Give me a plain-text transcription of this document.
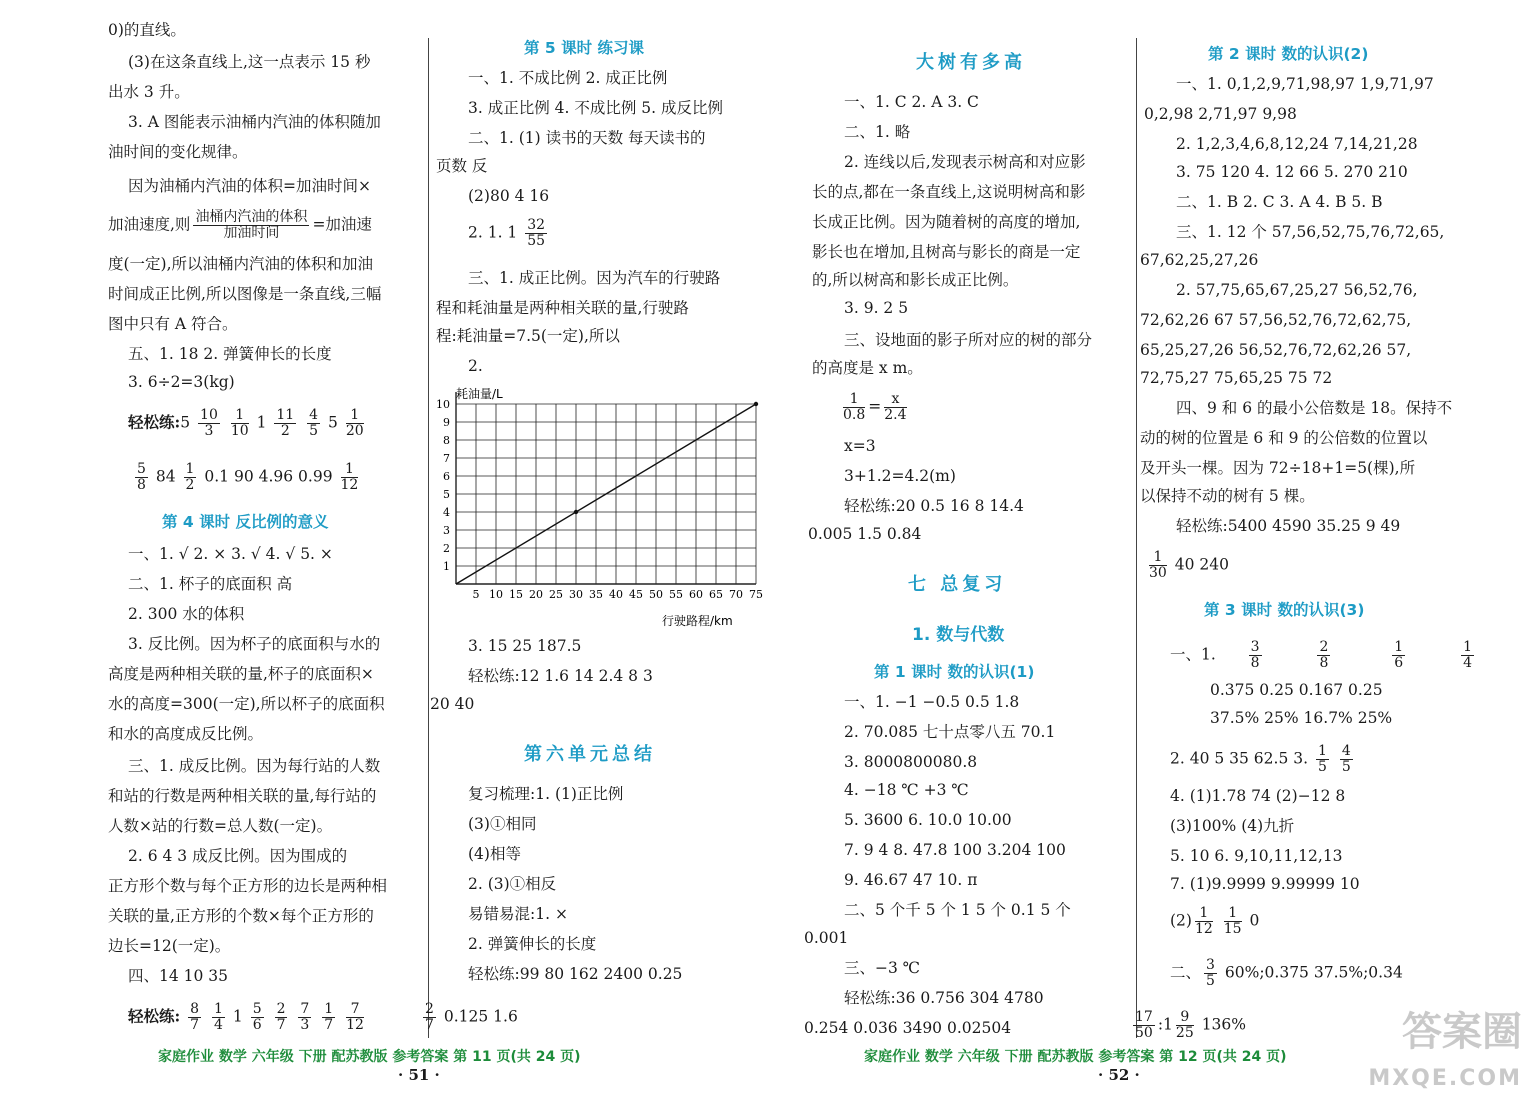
0)的直线。
(3)在这条直线上,这一点表示 15 秒
出水 3 升。
3. A 图能表示油桶内汽油的体积随加
油时间的变化规律。
因为油桶内汽油的体积=加油时间×
加油速度,则 $\frac{\text{油桶内汽油的体积}}{\text{加油时间}}$ =加油速
度(一定),所以油桶内汽油的体积和加油
时间成正比例,所以图像是一条直线,三幅
图中只有 A 符合。
五、1. 18 2. 弹簧伸长的长度
3. 6÷2=3(kg)
轻松练:5 $\frac{10}{3}$
$\frac{1}{10} 1 \frac{11}{2}$
$\frac{4}{5} 5 \frac{1}{20}$
$\frac{5}{8} 84 \frac{1}{2} 0.1$ 90 4.96 $0.99 \frac{1}{12}$
第 4 课时 反比例的意义
一、1. √ 2. × 3. √ 4. √ 5. ×
二、1. 杯子的底面积 高
2. 300 水的体积
3. 反比例。因为杯子的底面积与水的
高度是两种相关联的量,杯子的底面积×
水的高度=300(一定),所以杯子的底面积
和水的高度成反比例。
三、1. 成反比例。因为每行站的人数
和站的行数是两种相关联的量,每行站的
人数×站的行数=总人数(一定)。
2. 6 4 3 成反比例。因为围成的
正方形个数与每个正方形的边长是两种相
关联的量,正方形的个数×每个正方形的
边长=12(一定)。
四、14 10 35
轻松练: $\frac{8}{7}$
$\frac{1}{4} 1 \frac{5}{6}$
$\frac{2}{7}$
$\frac{7}{3}$
$\frac{1}{7}$
$\frac{7}{12}$
第 5 课时 练习课
一、1. 不成比例 2. 成正比例
3. 成正比例 4. 不成比例 5. 成反比例
二、1. (1) 读书的天数 每天读书的
页数 反
(2)80 4 16
2. 1. $1 \frac{32}{55}$
三、1. 成正比例。因为汽车的行驶路
程和耗油量是两种相关联的量,行驶路
程:耗油量=7.5(一定),所以
2.
5 10 15 20 25 30 35 40 45 50 55 60 65 70 75
1
2
3
4
5
6
7
8
9
10
耗油量/L
行驶路程/km
3. 15 25 187.5
轻松练:12 1.6 14 2.4 8 3
20 40
第六单元总结
复习梳理:1. (1)正比例
(3)①相同
(4)相等
2. (3)①相反
易错易混:1. ×
2. 弹簧伸长的长度
轻松练:99 80 162 2400 0.25
$\frac{2}{7} 0.125$ 1.6
大树有多高
一、1. C 2. A 3. C
二、1. 略
2. 连线以后,发现表示树高和对应影
长的点,都在一条直线上,这说明树高和影
长成正比例。因为随着树的高度的增加,
影长也在增加,且树高与影长的商是一定
的,所以树高和影长成正比例。
3. 9. 2 5
三、设地面的影子所对应的树的部分
的高度是 x m。
$\frac{1}{0.8} = \frac{x}{2.4}$
x=3
3+1.2=4.2(m)
轻松练:20 0.5 16 8 14.4
0.005 1.5 0.84
七 总复习
1. 数与代数
第 1 课时 数的认识(1)
一、1. −1 −0.5 0.5 1.8
2. 70.085 七十点零八五 70.1
3. 8000800080.8
4. −18 ℃ +3 ℃
5. 3600 6. 10.0 10.00
7. 9 4 8. 47.8 100 3.204 100
9. 46.67 47 10. π
二、5 个千 5 个 1 5 个 0.1 5 个
0.001
三、−3 ℃
轻松练:36 0.756 304 4780
0.254 0.036 3490 0.02504
第 2 课时 数的认识(2)
一、1. 0,1,2,9,71,98,97 1,9,71,97
0,2,98 2,71,97 9,98
2. 1,2,3,4,6,8,12,24 7,14,21,28
3. 75 120 4. 12 66 5. 270 210
二、1. B 2. C 3. A 4. B 5. B
三、1. 12 个 57,56,52,75,76,72,65,
67,62,25,27,26
2. 57,75,65,67,25,27 56,52,76,
72,62,26 67 57,56,52,76,72,62,75,
65,25,27,26 56,52,76,72,62,26 57,
72,75,27 75,65,25 75 72
四、9 和 6 的最小公倍数是 18。保持不
动的树的位置是 6 和 9 的公倍数的位置以
及开头一棵。因为 72÷18+1=5(棵),所
以保持不动的树有 5 棵。
轻松练:5400 4590 35.25 9 49
$\frac{1}{30} 40$ 240
第 3 课时 数的认识(3)
一、1. $\frac{3}{8}$
	$\frac{2}{8}$
	$\frac{1}{6}$
	$\frac{1}{4}$
0.375 0.25 0.167 0.25
37.5% 25% 16.7% 25%
2. 40 5 35 62.5 3. $\frac{1}{5}$
$\frac{4}{5}$
4. (1)1.78 74 (2)−12 8
(3)100% (4)九折
5. 10 6. 9,10,11,12,13
7. (1)9.9999 9.99999 10
$(2) \frac{1}{12}$
$\frac{1}{15} 0$
二、 $\frac{3}{5}$ 60%;0.375 37.5%;0.34
$\frac{17}{50}$ :1 $\frac{9}{25} 136\%$
家庭作业 数学 六年级 下册 配苏教版 参考答案 第 11 页(共 24 页)
· 51 ·
家庭作业 数学 六年级 下册 配苏教版 参考答案 第 12 页(共 24 页)
· 52 ·
答案圈
MXQE.COM
